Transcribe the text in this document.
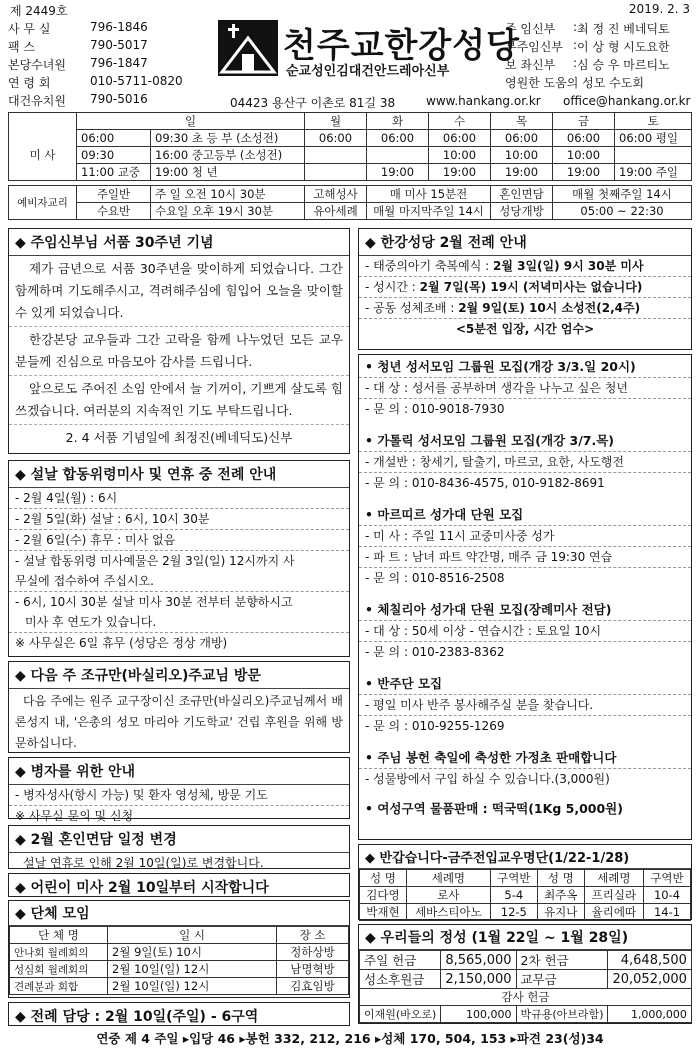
제 2449호	2019. 2. 3
사 무 실	796-1846
팩 스	790-5017
본당수녀원	796-1847
연 령 회	010-5711-0820
대건유치원	790-5016
천주교한강성당
순교성인김대건안드레아신부
주 임신부	: 최 정 진 베네딕토
부주임신부 : 이 상 형 시도요한
보 좌신부	: 심 승 우 마르티노
영원한 도움의 성모 수도회
04423 용산구 이촌로 81길 38	www.hankang.or.kr office@hankang.or.kr
	일		월	화	수	목	금	토
미 사	06:00	09:30 초 등 부 (소성전)	06:00	06:00	06:00	06:00	06:00	06:00 평일
	09:30	16:00 중고등부 (소성전)			10:00	10:00	10:00	
	11:00 교중	19:00 청 년		19:00	19:00	19:00	19:00	19:00 주일
예비자교리	주일반	주 일 오전 10시 30분	고해성사	매 미사 15분전	혼인면담	매월 첫째주일 14시
	수요반	수요일 오후 19시 30분	유아세례	매월 마지막주일 14시	성당개방	05:00 ~ 22:30
◆ 주임신부님 서품 30주년 기념
제가 금년으로 서품 30주년을 맞이하게 되었습니다. 그간 함께하며 기도해주시고, 격려해주심에 힘입어 오늘을 맞이할 수 있게 되었습니다.
한강본당 교우들과 그간 고락을 함께 나누었던 모든 교우분들께 진심으로 마음모아 감사를 드립니다.
앞으로도 주어진 소임 안에서 늘 기꺼이, 기쁘게 살도록 힘쓰겠습니다. 여러분의 지속적인 기도 부탁드립니다.
2. 4 서품 기념일에 최정진(베네딕도)신부
◆ 설날 합동위령미사 및 연휴 중 전례 안내
- 2월 4일(월) : 6시
- 2월 5일(화) 설날 : 6시, 10시 30분
- 2월 6일(수) 휴무 : 미사 없음
- 설날 합동위령 미사예물은 2월 3일(일) 12시까지 사
무실에 접수하여 주십시오.
- 6시, 10시 30분 설날 미사 30분 전부터 분향하시고
미사 후 연도가 있습니다.
※ 사무실은 6일 휴무 (성당은 정상 개방)
◆ 다음 주 조규만(바실리오)주교님 방문
다음 주에는 원주 교구장이신 조규만(바실리오)주교님께서 배론성지 내, '은총의 성모 마리아 기도학교' 건립 후원을 위해 방문하십니다.
◆ 병자를 위한 안내
- 병자성사(항시 가능) 및 환자 영성체, 방문 기도
※ 사무실 문의 및 신청
◆ 2월 혼인면담 일정 변경
설날 연휴로 인해 2월 10일(일)로 변경합니다.
◆ 어린이 미사 2월 10일부터 시작합니다
◆ 단체 모임
단 체 명	일 시	장 소
안나회 월례회의	2월 9일(토) 10시	정하상방
성심회 월례회의	2월 10일(일) 12시	남명혁방
견례분과 회합	2월 10일(일) 12시	김효임방
◆ 전례 담당 : 2월 10일(주일) - 6구역
◆ 한강성당 2월 전례 안내
- 태중의아기 축복예식 : 2월 3일(일) 9시 30분 미사
- 성시간 : 2월 7일(목) 19시 (저녁미사는 없습니다)
- 공동 성체조배 : 2월 9일(토) 10시 소성전(2,4주)
<5분전 입장, 시간 엄수>
• 청년 성서모임 그룹원 모집(개강 3/3.일 20시)
- 대 상 : 성서를 공부하며 생각을 나누고 싶은 청년
- 문 의 : 010-9018-7930
• 가톨릭 성서모임 그룹원 모집(개강 3/7.목)
- 개설반 : 창세기, 탈출기, 마르코, 요한, 사도행전
- 문 의 : 010-8436-4575, 010-9182-8691
• 마르띠르 성가대 단원 모집
- 미 사 : 주일 11시 교중미사중 성가
- 파 트 : 남녀 파트 약간명, 매주 금 19:30 연습
- 문 의 : 010-8516-2508
• 체칠리아 성가대 단원 모집(장례미사 전담)
- 대 상 : 50세 이상 - 연습시간 : 토요일 10시
- 문 의 : 010-2383-8362
• 반주단 모집
- 평일 미사 반주 봉사해주실 분을 찾습니다.
- 문 의 : 010-9255-1269
• 주님 봉헌 축일에 축성한 가정초 판매합니다
- 성물방에서 구입 하실 수 있습니다.(3,000원)
• 여성구역 물품판매 : 떡국떡(1Kg 5,000원)
◆ 반갑습니다-금주전입교우명단(1/22-1/28)
성 명	세례명	구역반	성 명	세례명	구역반
김다영	로사	5-4	최주옥	프리실라	10-4
박재현	세바스티아노	12-5	유지나	율리에따	14-1
◆ 우리들의 정성 (1월 22일 ~ 1월 28일)
주일 헌금	8,565,000	2차 헌금	4,648,500
성소후원금	2,150,000	교무금	20,052,000
감사 헌금			
이재원(바오로)	100,000	박규용(아브라함)	1,000,000
연중 제 4 주일 ▸입당 46 ▸봉헌 332, 212, 216 ▸성체 170, 504, 153 ▸파견 23(성)34
